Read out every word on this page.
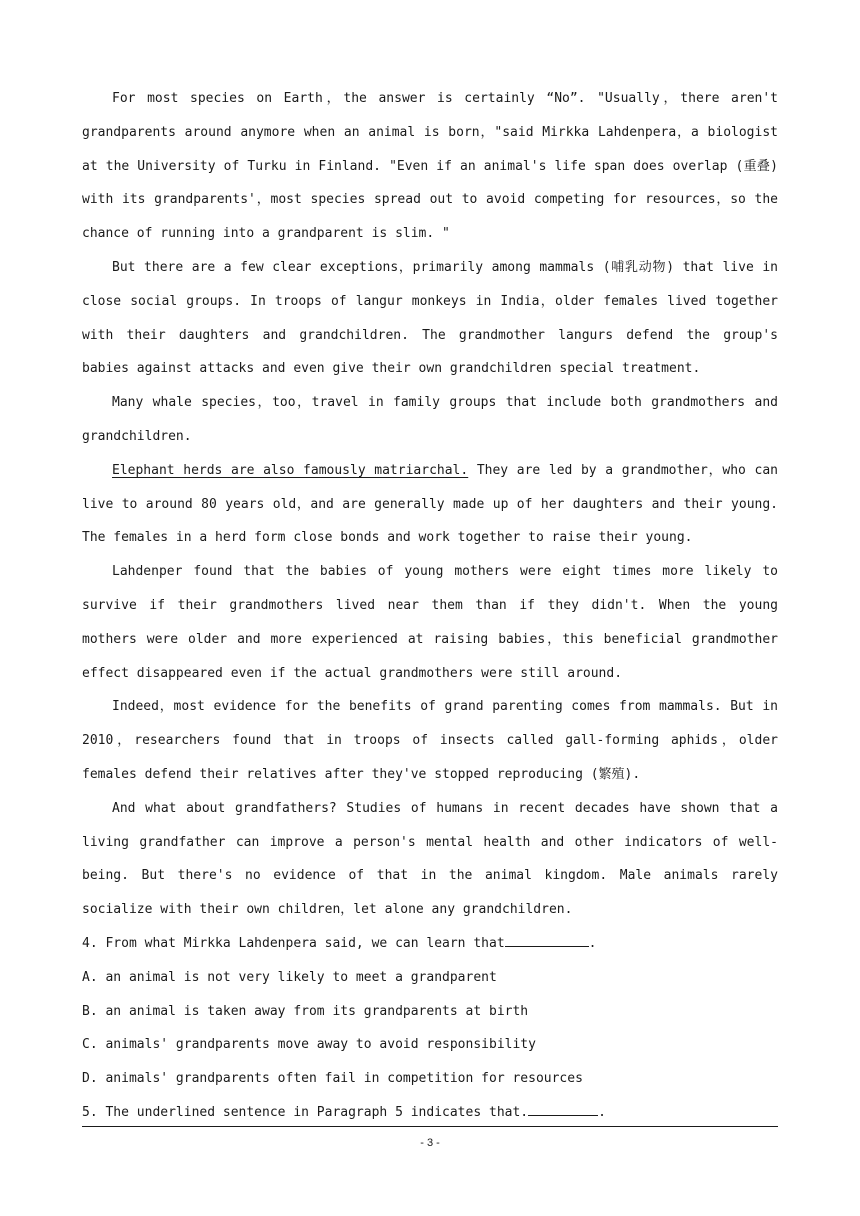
For most species on Earth，the answer is certainly “No”. "Usually，there aren't grandparents around anymore when an animal is born，"said Mirkka Lahdenpera，a biologist at the University of Turku in Finland. "Even if an animal's life span does overlap (重叠) with its grandparents'，most species spread out to avoid competing for resources，so the chance of running into a grandparent is slim. "

But there are a few clear exceptions，primarily among mammals (哺乳动物) that live in close social groups. In troops of langur monkeys in India，older females lived together with their daughters and grandchildren. The grandmother langurs defend the group's babies against attacks and even give their own grandchildren special treatment.

Many whale species，too，travel in family groups that include both grandmothers and grandchildren.

Elephant herds are also famously matriarchal. They are led by a grandmother，who can live to around 80 years old，and are generally made up of her daughters and their young. The females in a herd form close bonds and work together to raise their young.

Lahdenper found that the babies of young mothers were eight times more likely to survive if their grandmothers lived near them than if they didn't. When the young mothers were older and more experienced at raising babies，this beneficial grandmother effect disappeared even if the actual grandmothers were still around.

Indeed，most evidence for the benefits of grand parenting comes from mammals. But in 2010，researchers found that in troops of insects called gall-forming aphids，older females defend their relatives after they've stopped reproducing (繁殖).

And what about grandfathers? Studies of humans in recent decades have shown that a living grandfather can improve a person's mental health and other indicators of well-being. But there's no evidence of that in the animal kingdom. Male animals rarely socialize with their own children，let alone any grandchildren.

4. From what Mirkka Lahdenpera said, we can learn that	.

A. an animal is not very likely to meet a grandparent

B. an animal is taken away from its grandparents at birth

C. animals' grandparents move away to avoid responsibility

D. animals' grandparents often fail in competition for resources

5. The underlined sentence in Paragraph 5 indicates that.	.

- 3 -
